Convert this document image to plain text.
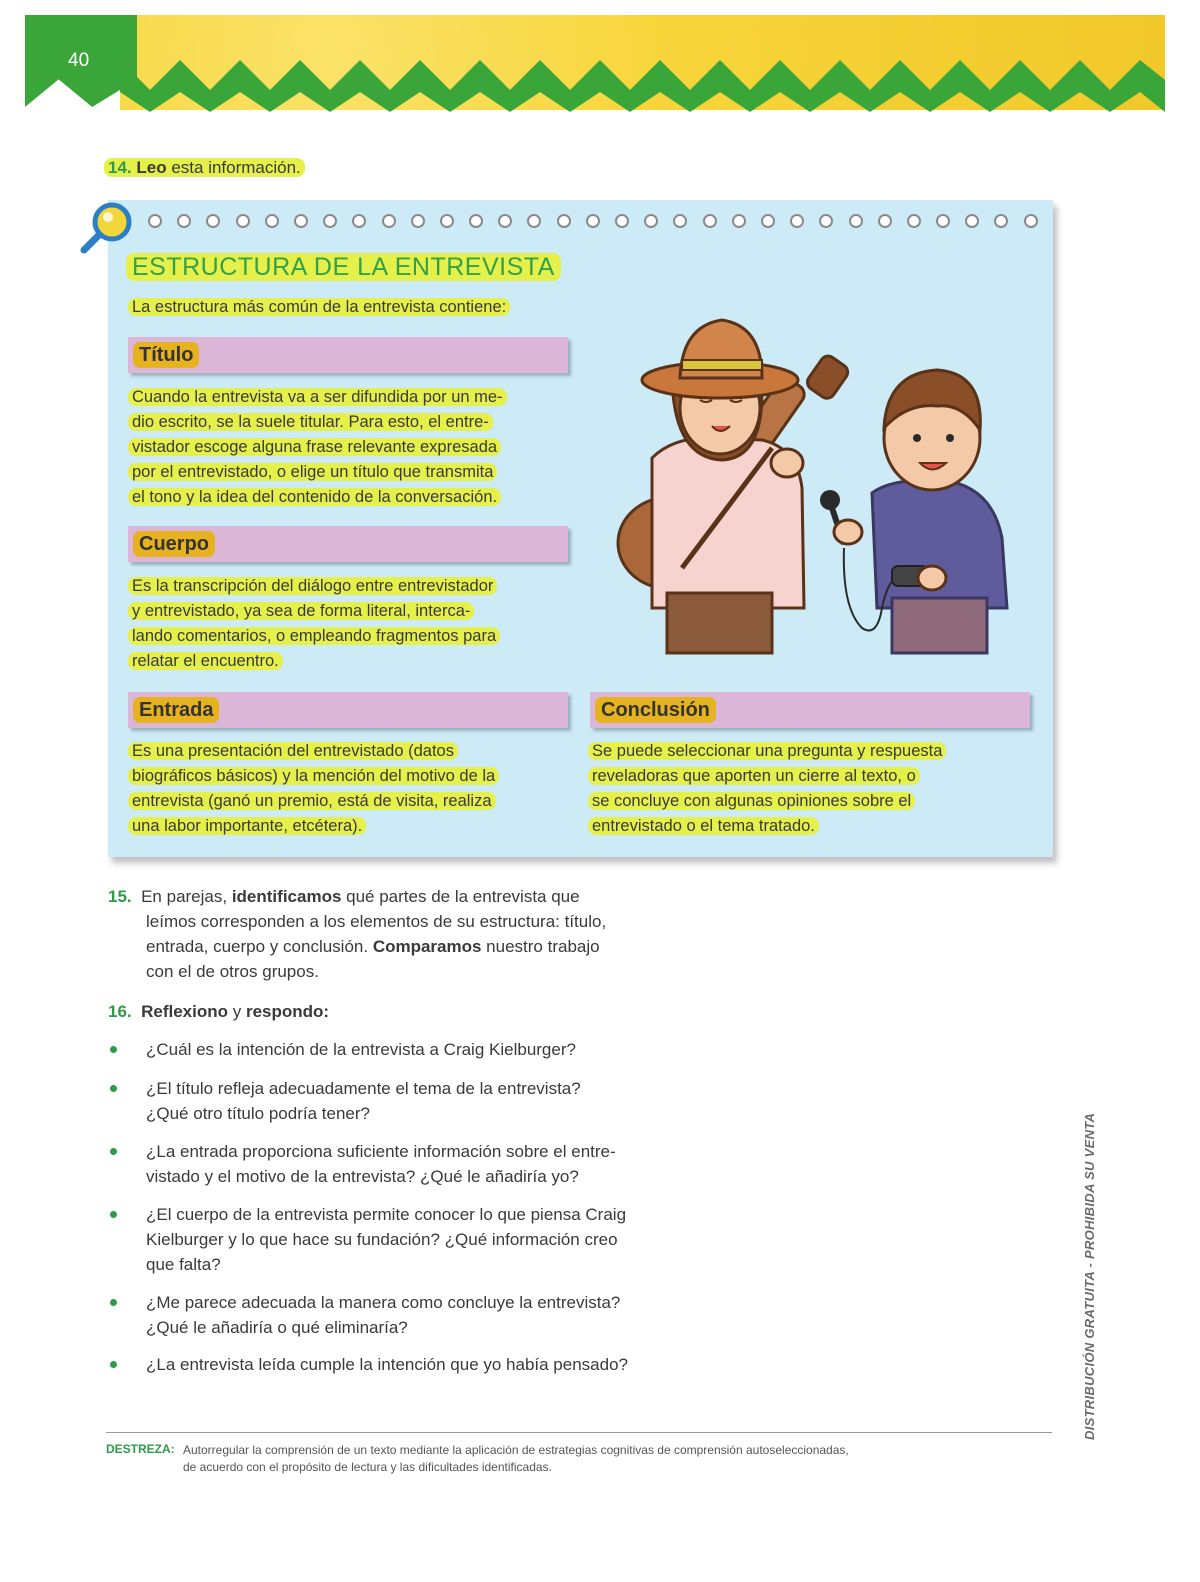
40
14. Leo esta información.
ESTRUCTURA DE LA ENTREVISTA
La estructura más común de la entrevista contiene:
Título
Cuando la entrevista va a ser difundida por un me-
dio escrito, se la suele titular. Para esto, el entre-
vistador escoge alguna frase relevante expresada
por el entrevistado, o elige un título que transmita
el tono y la idea del contenido de la conversación.
Cuerpo
Es la transcripción del diálogo entre entrevistador
y entrevistado, ya sea de forma literal, interca-
lando comentarios, o empleando fragmentos para
relatar el encuentro.
Entrada
Es una presentación del entrevistado (datos
biográficos básicos) y la mención del motivo de la
entrevista (ganó un premio, está de visita, realiza
una labor importante, etcétera).
Conclusión
Se puede seleccionar una pregunta y respuesta
reveladoras que aporten un cierre al texto, o
se concluye con algunas opiniones sobre el
entrevistado o el tema tratado.
15. En parejas, identificamos qué partes de la entrevista que
leímos corresponden a los elementos de su estructura: título,
entrada, cuerpo y conclusión. Comparamos nuestro trabajo
con el de otros grupos.
16. Reflexiono y respondo:
¿Cuál es la intención de la entrevista a Craig Kielburger?
¿El título refleja adecuadamente el tema de la entrevista?
¿Qué otro título podría tener?
¿La entrada proporciona suficiente información sobre el entre-
vistado y el motivo de la entrevista? ¿Qué le añadiría yo?
¿El cuerpo de la entrevista permite conocer lo que piensa Craig
Kielburger y lo que hace su fundación? ¿Qué información creo
que falta?
¿Me parece adecuada la manera como concluye la entrevista?
¿Qué le añadiría o qué eliminaría?
¿La entrevista leída cumple la intención que yo había pensado?	DISTRIBUCIÓN GRATUITA - PROHIBIDA SU VENTA
DESTREZA: Autorregular la comprensión de un texto mediante la aplicación de estrategias cognitivas de comprensión autoseleccionadas,
de acuerdo con el propósito de lectura y las dificultades identificadas.
